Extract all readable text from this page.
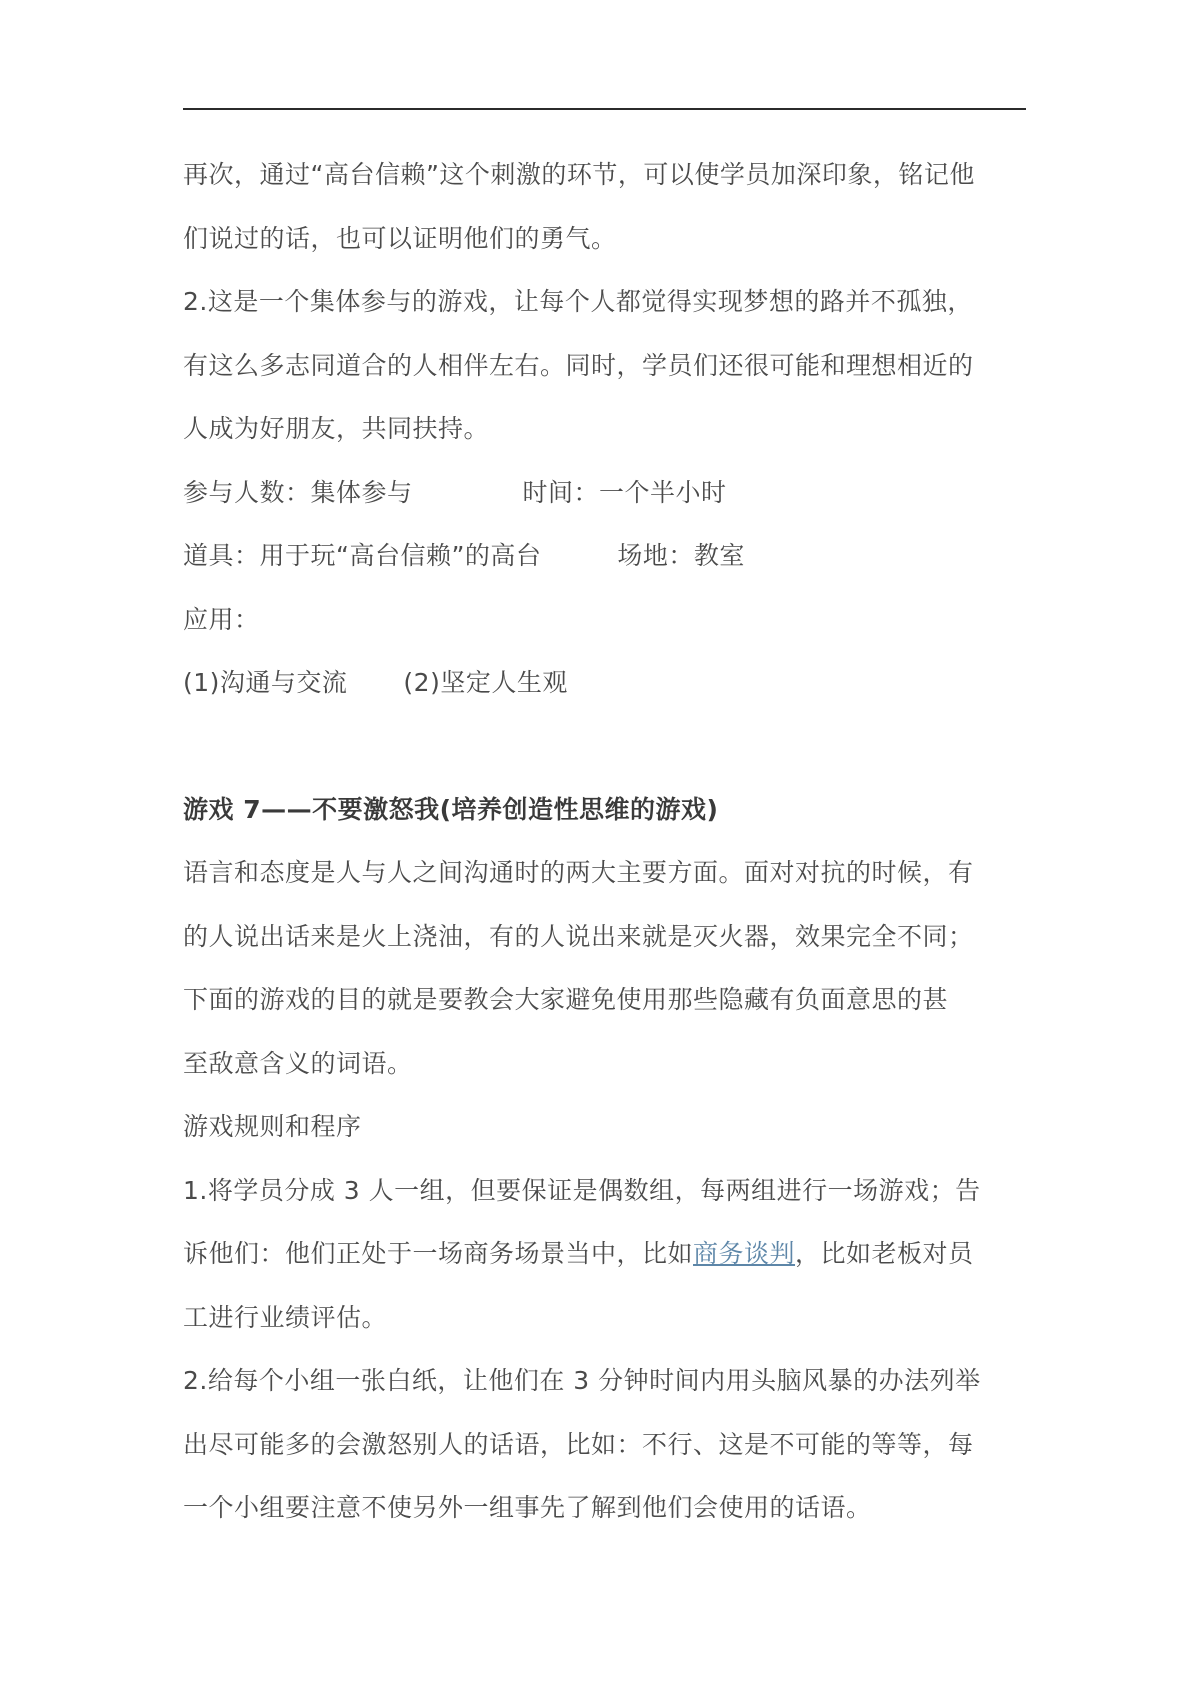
再次，通过“高台信赖”这个刺激的环节，可以使学员加深印象，铭记他
们说过的话，也可以证明他们的勇气。
2.这是一个集体参与的游戏，让每个人都觉得实现梦想的路并不孤独，
有这么多志同道合的人相伴左右。同时，学员们还很可能和理想相近的
人成为好朋友，共同扶持。
参与人数：集体参与	时间：一个半小时
道具：用于玩“高台信赖”的高台	场地：教室
应用：
(1)沟通与交流 (2)坚定人生观
游戏 7——不要激怒我(培养创造性思维的游戏)
语言和态度是人与人之间沟通时的两大主要方面。面对对抗的时候，有
的人说出话来是火上浇油，有的人说出来就是灭火器，效果完全不同；
下面的游戏的目的就是要教会大家避免使用那些隐藏有负面意思的甚
至敌意含义的词语。
游戏规则和程序
1.将学员分成 3 人一组，但要保证是偶数组，每两组进行一场游戏；告
诉他们：他们正处于一场商务场景当中，比如商务谈判，比如老板对员
工进行业绩评估。
2.给每个小组一张白纸，让他们在 3 分钟时间内用头脑风暴的办法列举
出尽可能多的会激怒别人的话语，比如：不行、这是不可能的等等，每
一个小组要注意不使另外一组事先了解到他们会使用的话语。
